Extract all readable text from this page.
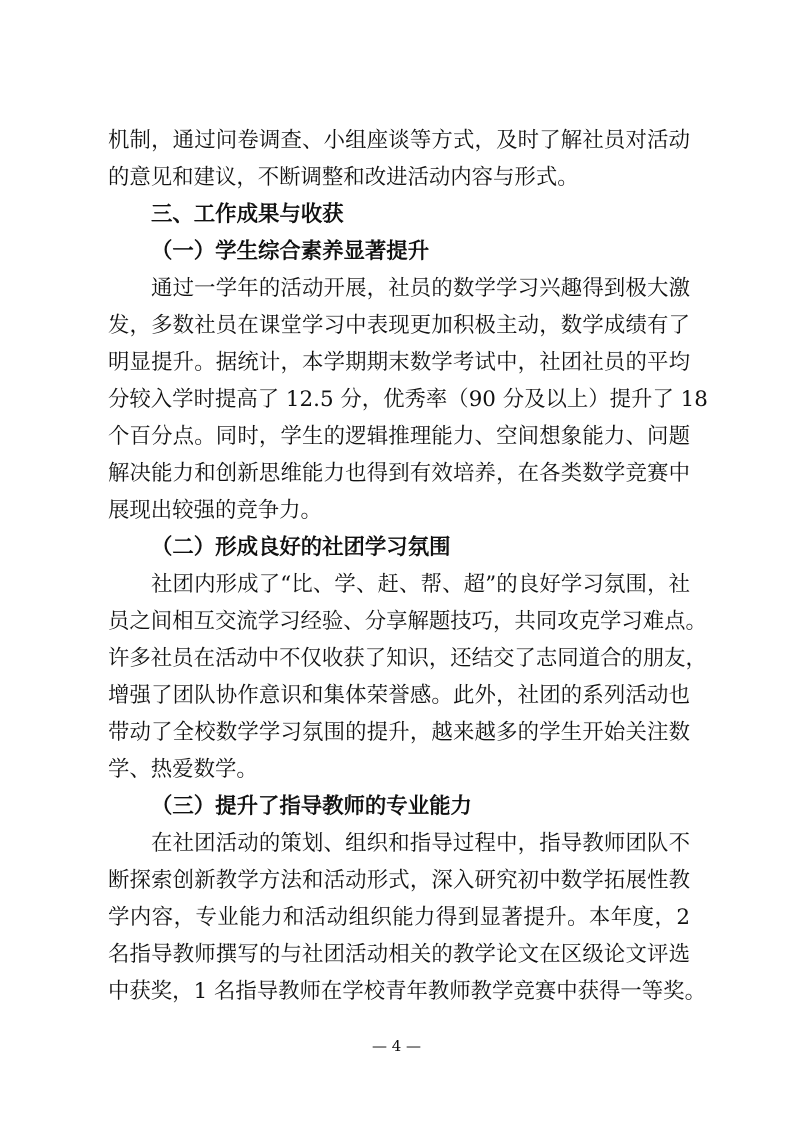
机制，通过问卷调查、小组座谈等方式，及时了解社员对活动
的意见和建议，不断调整和改进活动内容与形式。
三、工作成果与收获
（一）学生综合素养显著提升
通过一学年的活动开展，社员的数学学习兴趣得到极大激
发，多数社员在课堂学习中表现更加积极主动，数学成绩有了
明显提升。据统计，本学期期末数学考试中，社团社员的平均
分较入学时提高了 12.5 分，优秀率（90 分及以上）提升了 18
个百分点。同时，学生的逻辑推理能力、空间想象能力、问题
解决能力和创新思维能力也得到有效培养，在各类数学竞赛中
展现出较强的竞争力。
（二）形成良好的社团学习氛围
社团内形成了“比、学、赶、帮、超”的良好学习氛围，社
员之间相互交流学习经验、分享解题技巧，共同攻克学习难点。
许多社员在活动中不仅收获了知识，还结交了志同道合的朋友，
增强了团队协作意识和集体荣誉感。此外，社团的系列活动也
带动了全校数学学习氛围的提升，越来越多的学生开始关注数
学、热爱数学。
（三）提升了指导教师的专业能力
在社团活动的策划、组织和指导过程中，指导教师团队不
断探索创新教学方法和活动形式，深入研究初中数学拓展性教
学内容，专业能力和活动组织能力得到显著提升。本年度，2
名指导教师撰写的与社团活动相关的教学论文在区级论文评选
中获奖，1 名指导教师在学校青年教师教学竞赛中获得一等奖。
— 4 —
